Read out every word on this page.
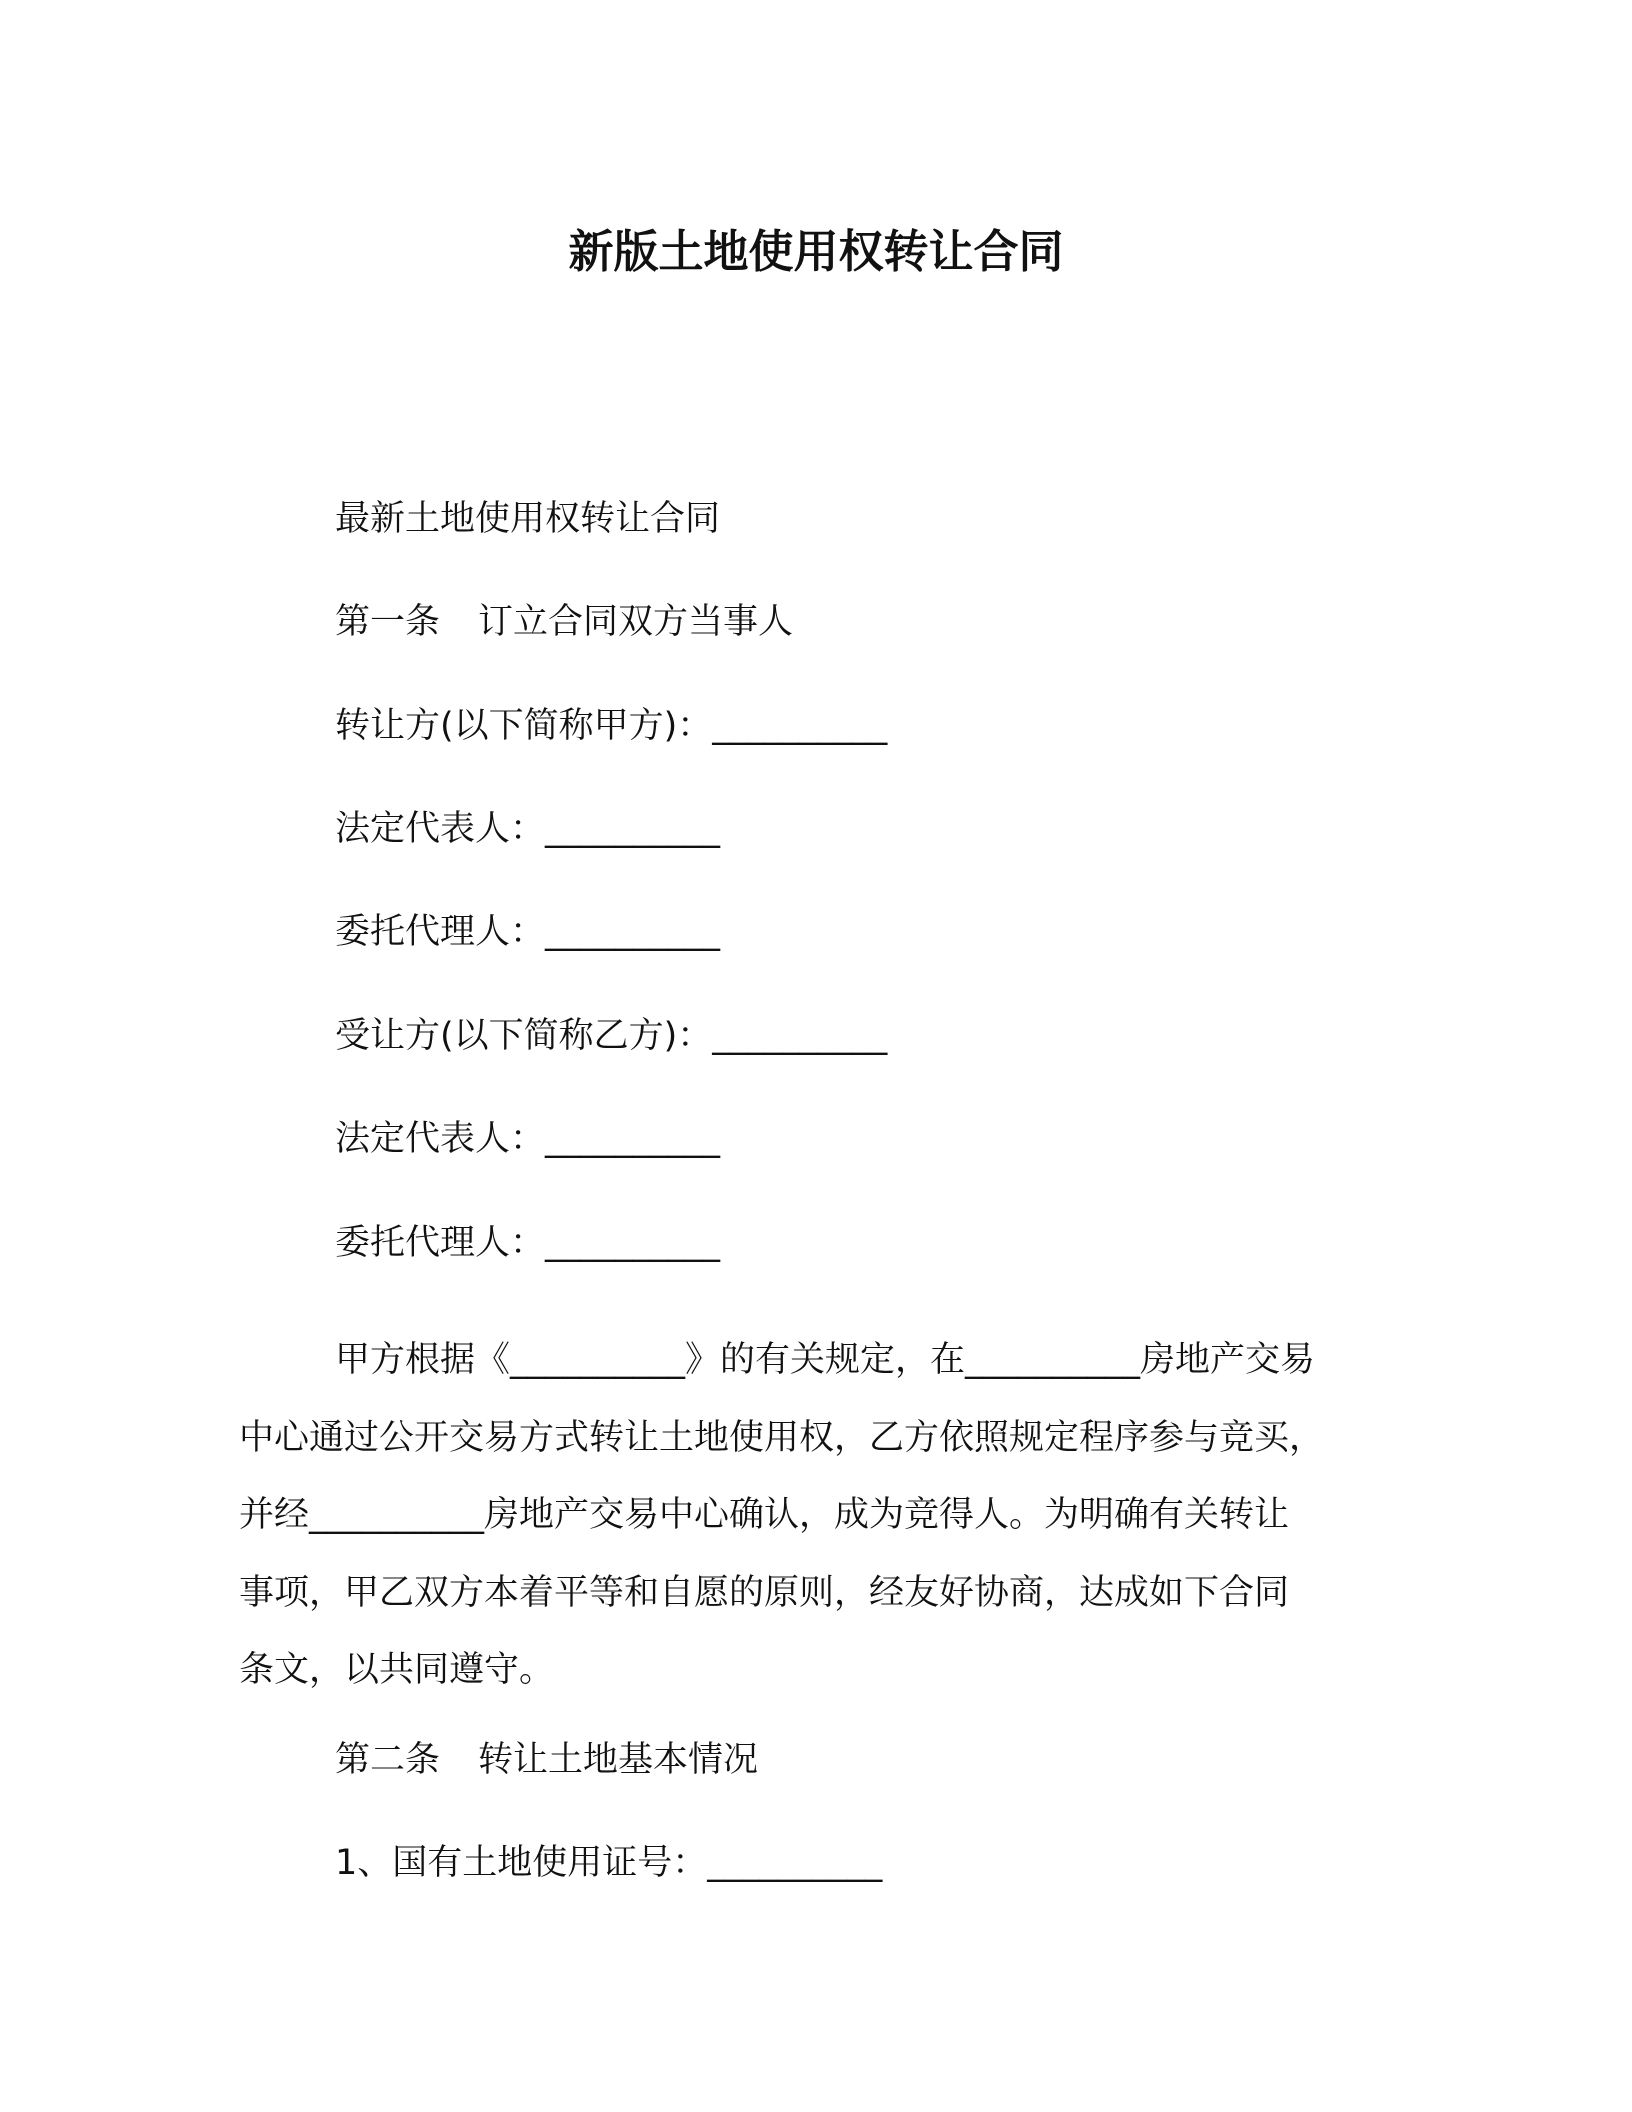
新版土地使用权转让合同
最新土地使用权转让合同
第一条 订立合同双方当事人
转让方(以下简称甲方)：__________
法定代表人：__________
委托代理人：__________
受让方(以下简称乙方)：__________
法定代表人：__________
委托代理人：__________
甲方根据《__________》的有关规定，在__________房地产交易
中心通过公开交易方式转让土地使用权，乙方依照规定程序参与竞买，
并经__________房地产交易中心确认，成为竞得人。为明确有关转让
事项，甲乙双方本着平等和自愿的原则，经友好协商，达成如下合同
条文，以共同遵守。
第二条 转让土地基本情况
1、国有土地使用证号：__________
